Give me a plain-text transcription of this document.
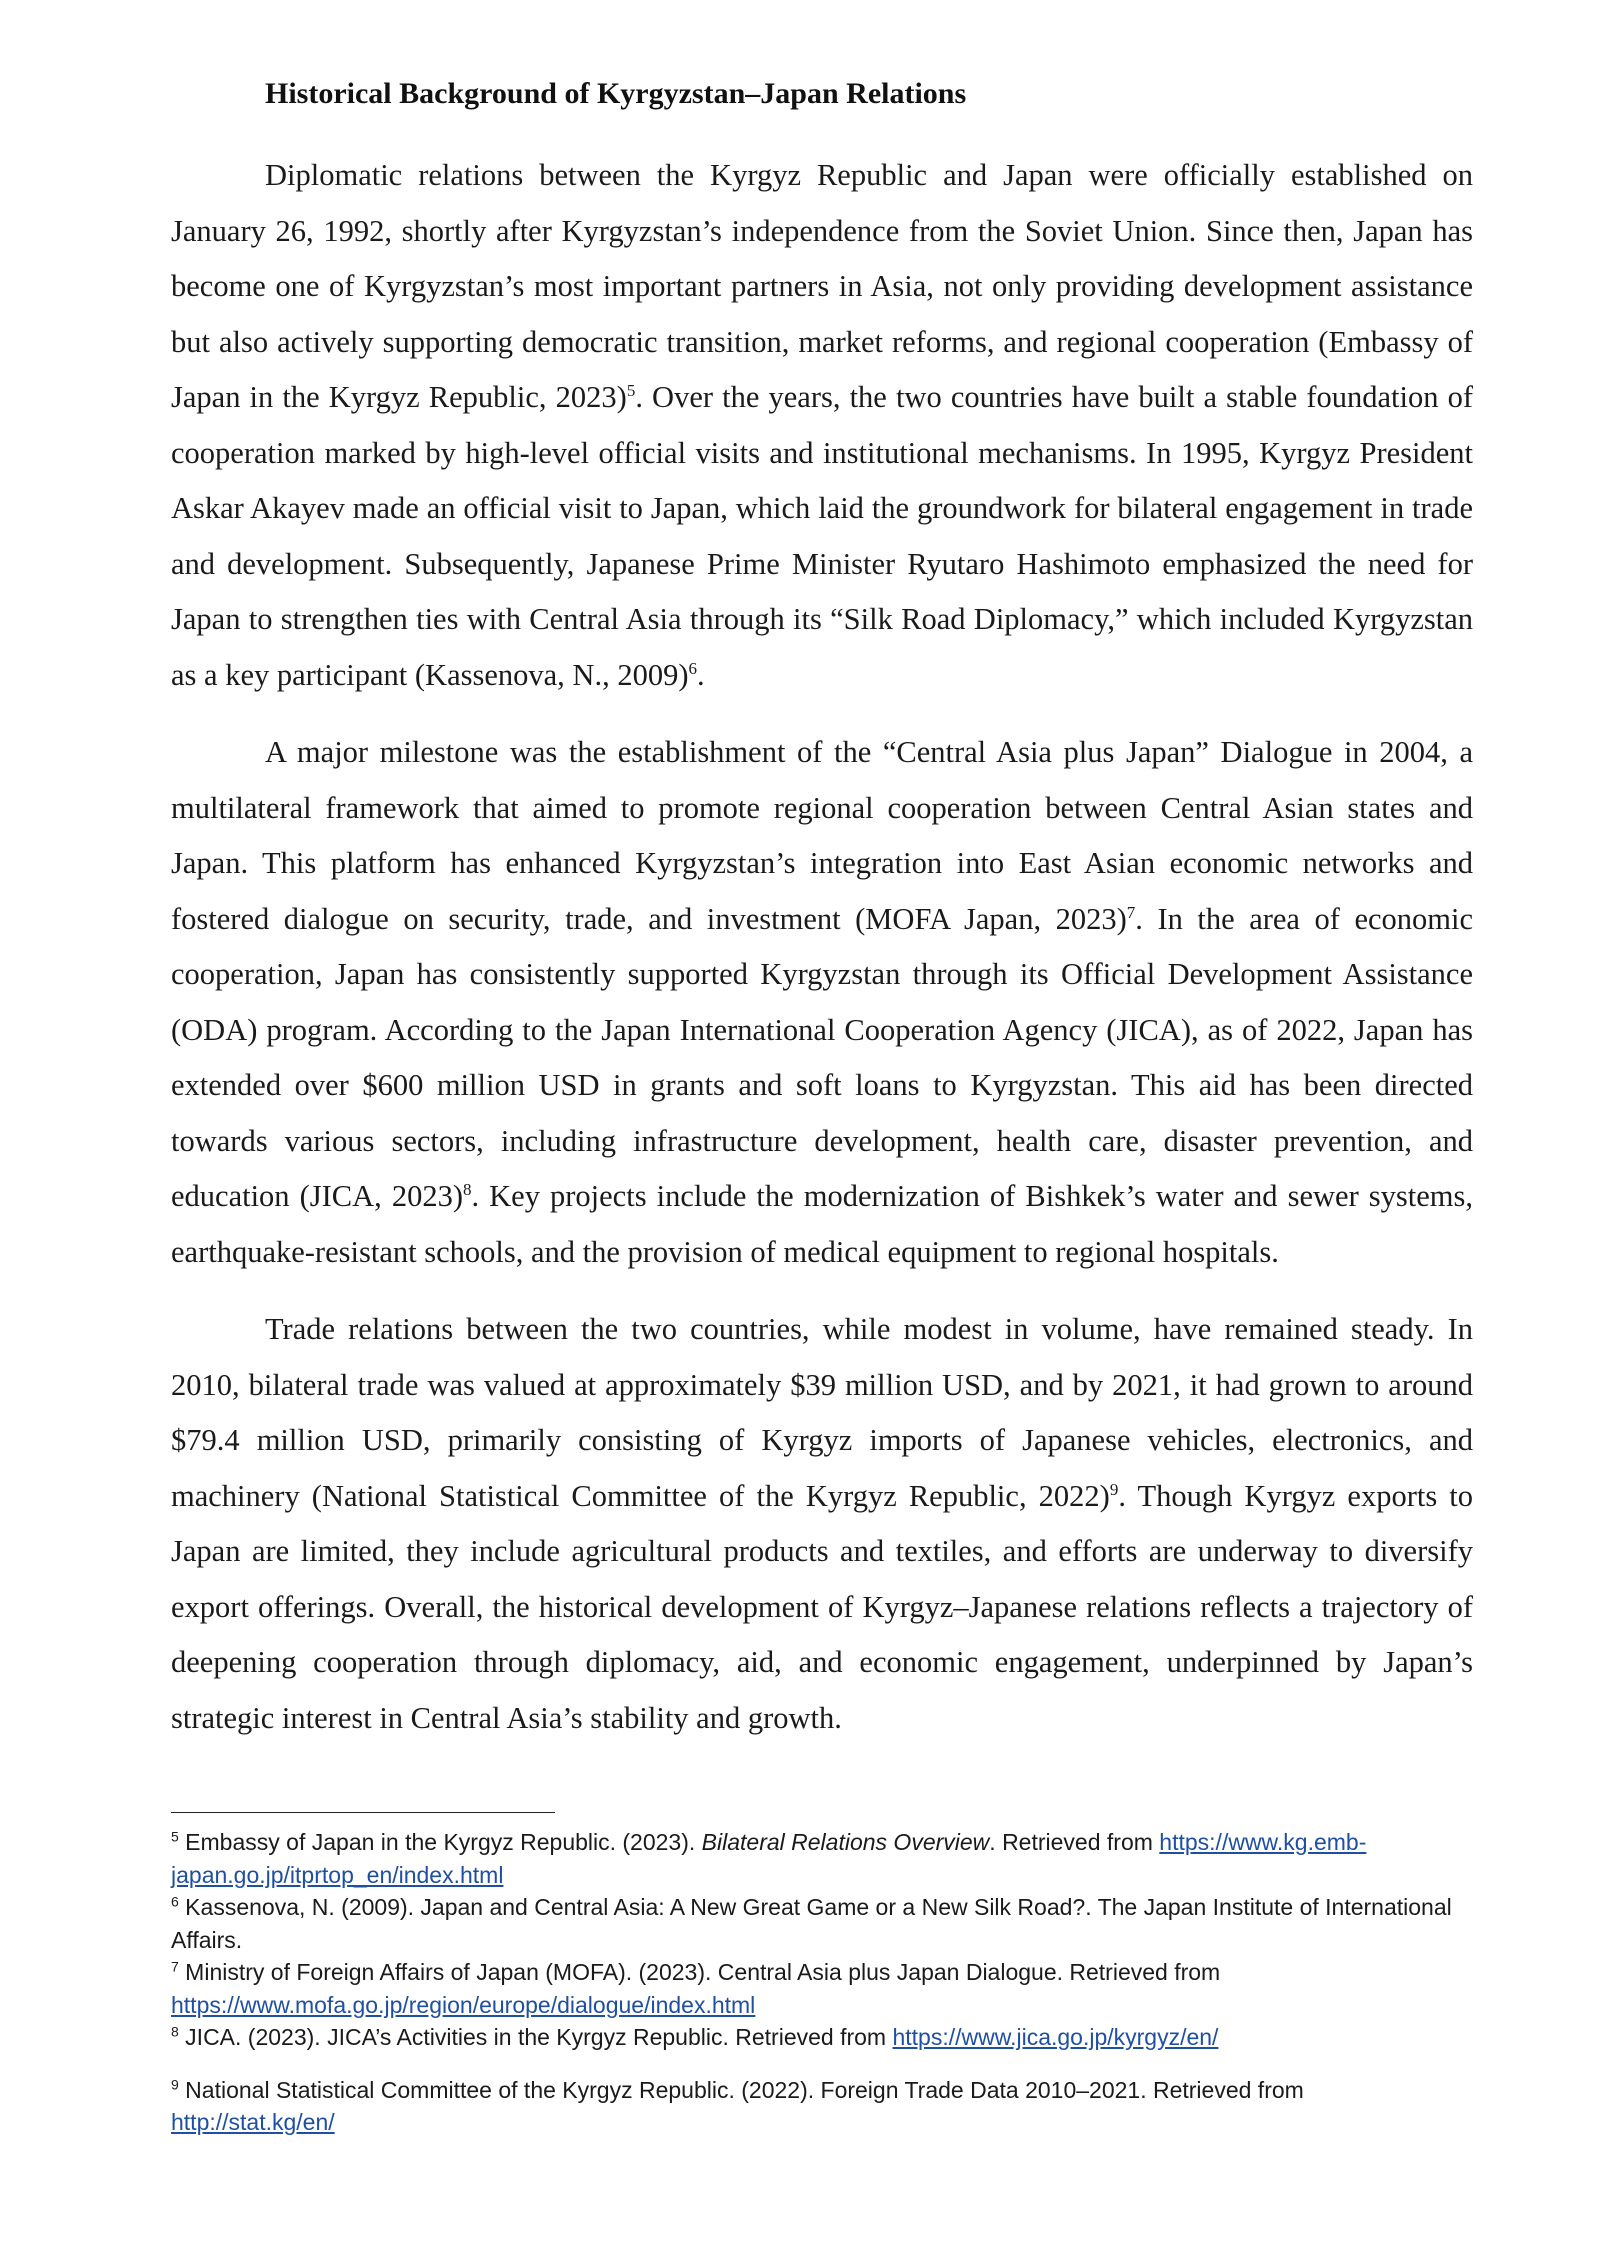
Historical Background of Kyrgyzstan–Japan Relations

Diplomatic relations between the Kyrgyz Republic and Japan were officially established on January 26, 1992, shortly after Kyrgyzstan’s independence from the Soviet Union. Since then, Japan has become one of Kyrgyzstan’s most important partners in Asia, not only providing development assistance but also actively supporting democratic transition, market reforms, and regional cooperation (Embassy of Japan in the Kyrgyz Republic, 2023)$^5$. Over the years, the two countries have built a stable foundation of cooperation marked by high-level official visits and institutional mechanisms. In 1995, Kyrgyz President Askar Akayev made an official visit to Japan, which laid the groundwork for bilateral engagement in trade and development. Subsequently, Japanese Prime Minister Ryutaro Hashimoto emphasized the need for Japan to strengthen ties with Central Asia through its “Silk Road Diplomacy,” which included Kyrgyzstan as a key participant (Kassenova, N., 2009)$^6$.

A major milestone was the establishment of the “Central Asia plus Japan” Dialogue in 2004, a multilateral framework that aimed to promote regional cooperation between Central Asian states and Japan. This platform has enhanced Kyrgyzstan’s integration into East Asian economic networks and fostered dialogue on security, trade, and investment (MOFA Japan, 2023)$^7$. In the area of economic cooperation, Japan has consistently supported Kyrgyzstan through its Official Development Assistance (ODA) program. According to the Japan International Cooperation Agency (JICA), as of 2022, Japan has extended over $600 million USD in grants and soft loans to Kyrgyzstan. This aid has been directed towards various sectors, including infrastructure development, health care, disaster prevention, and education (JICA, 2023)$^8$. Key projects include the modernization of Bishkek’s water and sewer systems, earthquake-resistant schools, and the provision of medical equipment to regional hospitals.

Trade relations between the two countries, while modest in volume, have remained steady. In 2010, bilateral trade was valued at approximately $39 million USD, and by 2021, it had grown to around $79.4 million USD, primarily consisting of Kyrgyz imports of Japanese vehicles, electronics, and machinery (National Statistical Committee of the Kyrgyz Republic, 2022)$^9$. Though Kyrgyz exports to Japan are limited, they include agricultural products and textiles, and efforts are underway to diversify export offerings. Overall, the historical development of Kyrgyz–Japanese relations reflects a trajectory of deepening cooperation through diplomacy, aid, and economic engagement, underpinned by Japan’s strategic interest in Central Asia’s stability and growth.

$^5$ Embassy of Japan in the Kyrgyz Republic. (2023). Bilateral Relations Overview. Retrieved from https://www.kg.emb-japan.go.jp/itprtop_en/index.html

$^6$ Kassenova, N. (2009). Japan and Central Asia: A New Great Game or a New Silk Road?. The Japan Institute of International Affairs.

$^7$ Ministry of Foreign Affairs of Japan (MOFA). (2023). Central Asia plus Japan Dialogue. Retrieved from https://www.mofa.go.jp/region/europe/dialogue/index.html

$^8$ JICA. (2023). JICA’s Activities in the Kyrgyz Republic. Retrieved from https://www.jica.go.jp/kyrgyz/en/

$^9$ National Statistical Committee of the Kyrgyz Republic. (2022). Foreign Trade Data 2010–2021. Retrieved from http://stat.kg/en/
